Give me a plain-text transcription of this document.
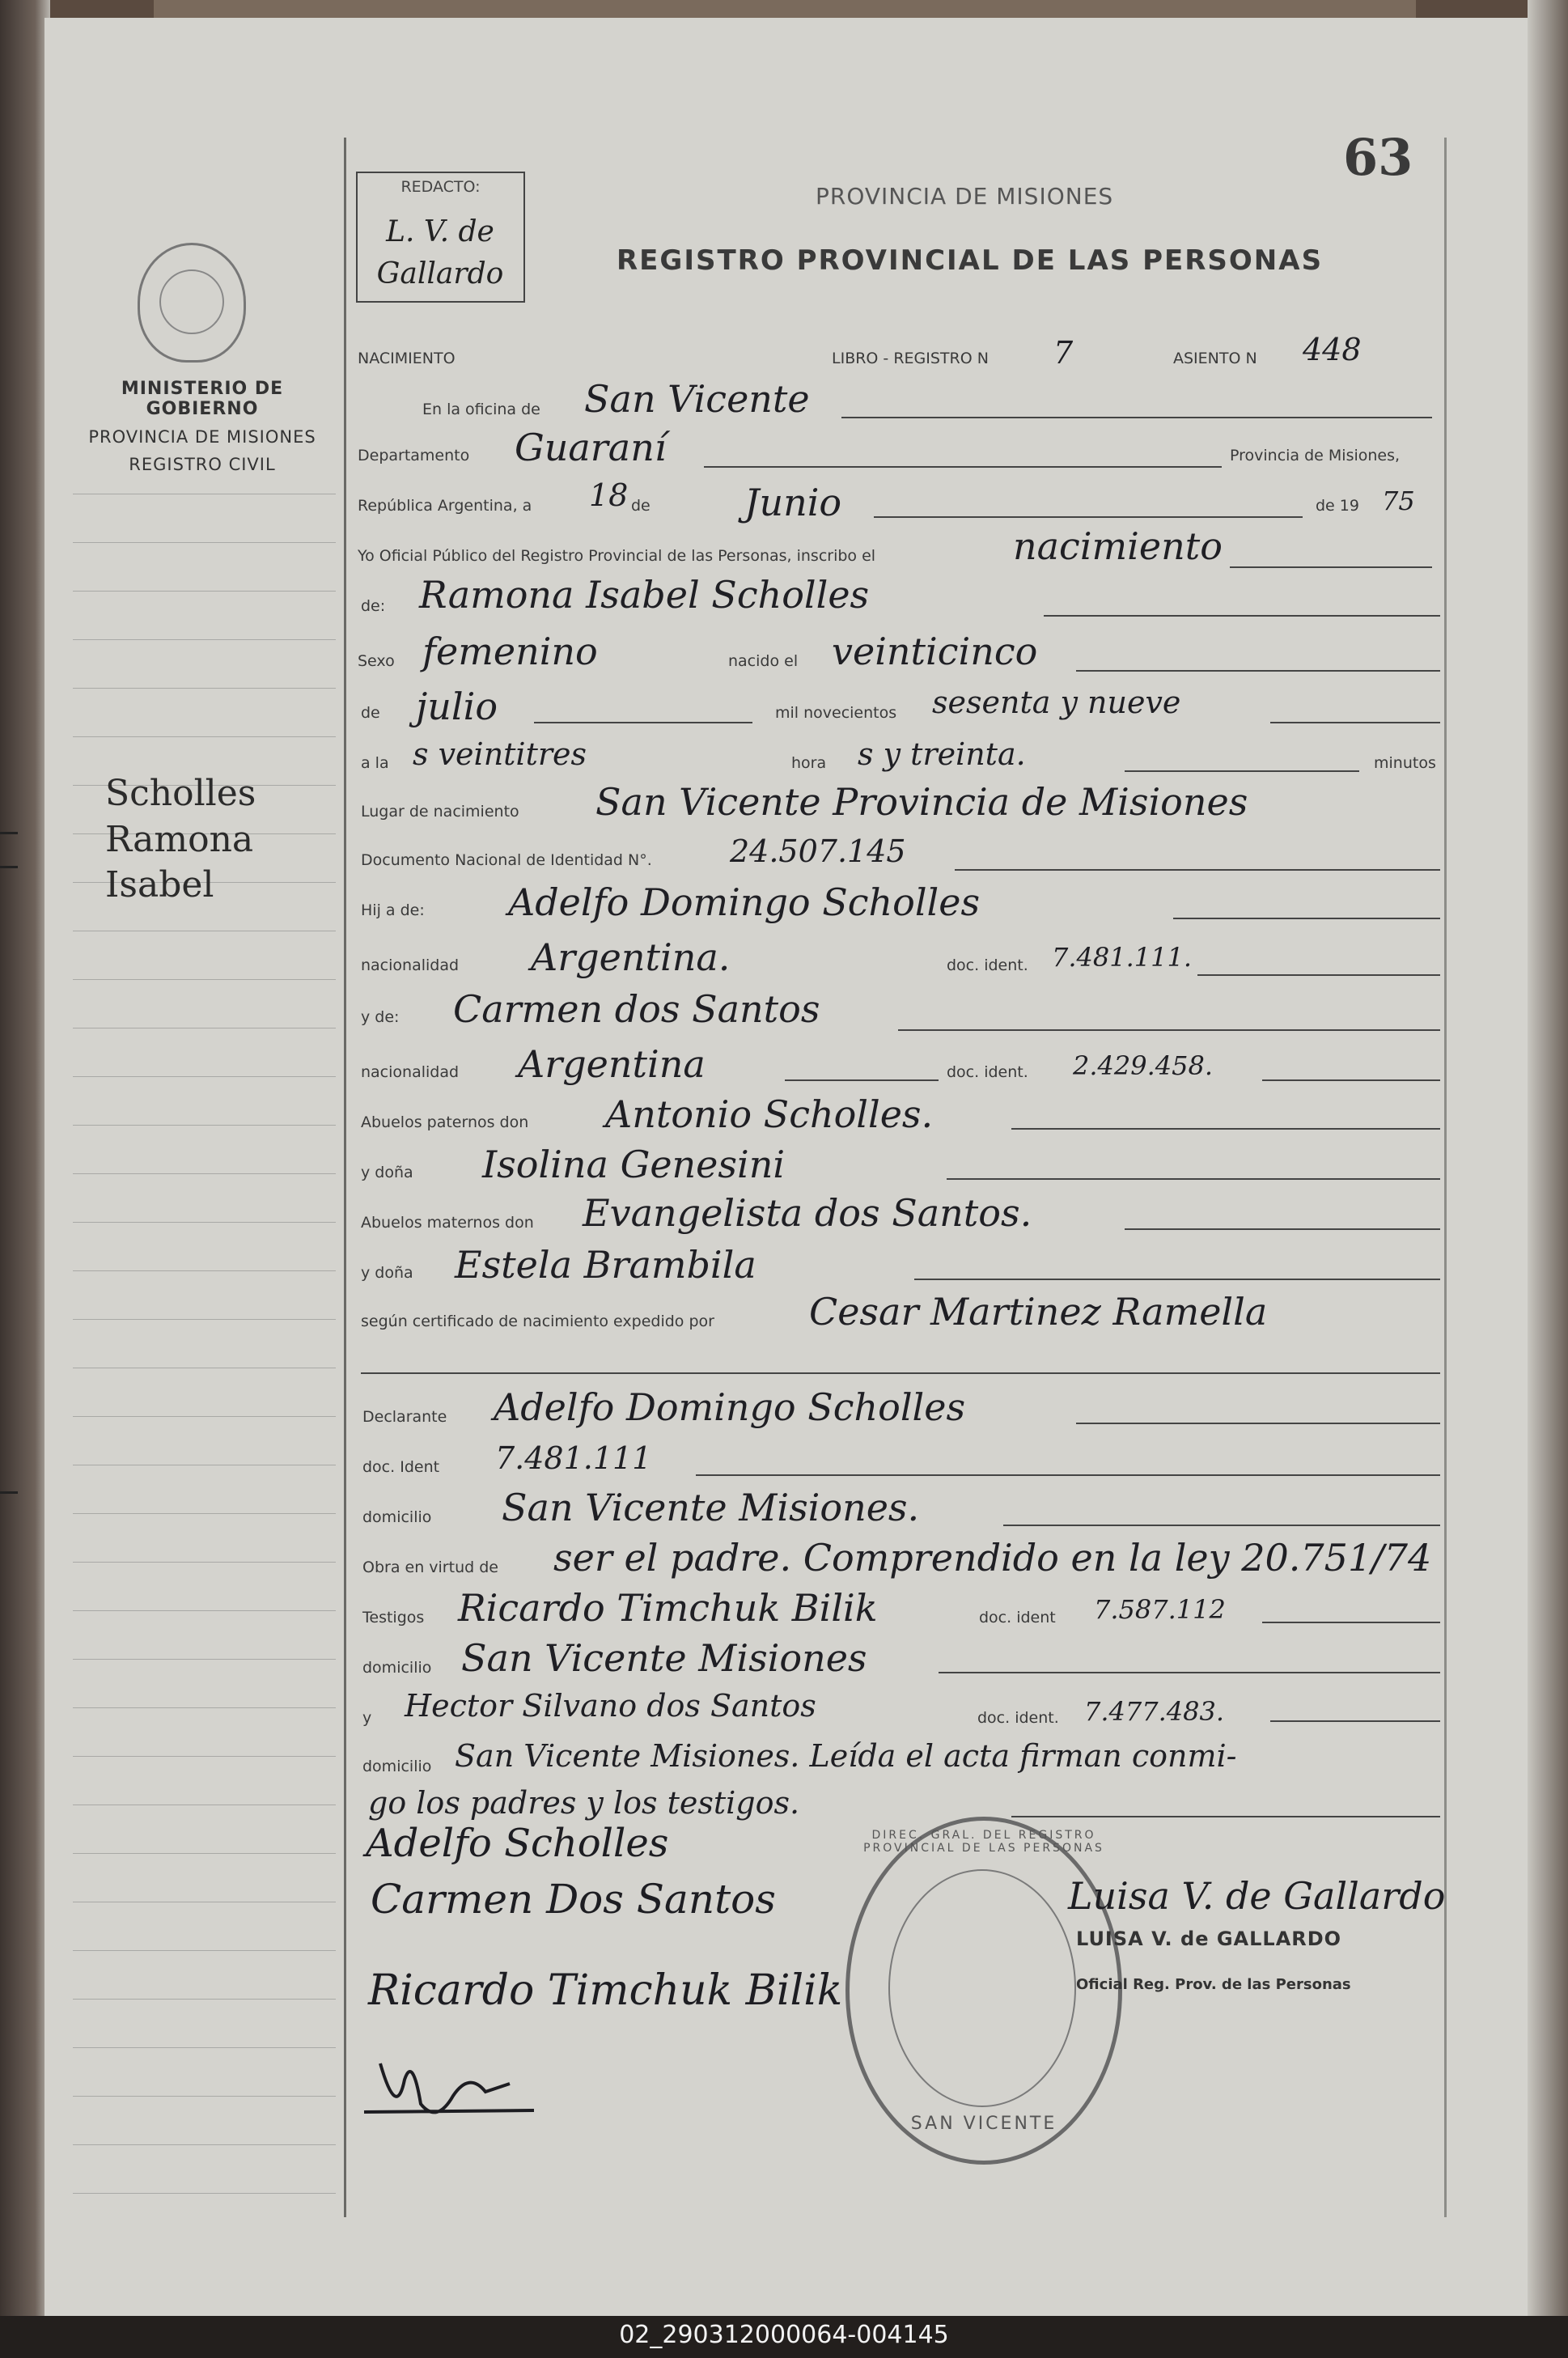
63
REDACTO:
L. V. de
Gallardo
PROVINCIA DE MISIONES
REGISTRO PROVINCIAL DE LAS PERSONAS
MINISTERIO DE GOBIERNO
PROVINCIA DE MISIONES
REGISTRO CIVIL
Scholles
Ramona
Isabel
NACIMIENTO	LIBRO - REGISTRO N 7	ASIENTO N 448
En la oficina de San Vicente
Departamento Guaraní	Provincia de Misiones,
República Argentina, a 18 de	Junio	de 19 75
Yo Oficial Público del Registro Provincial de las Personas, inscribo el	nacimiento
de: Ramona Isabel Scholles
Sexo femenino	nacido el veinticinco
de julio	mil novecientos sesenta y nueve
a la s veintitres	hora s y treinta.	minutos
Lugar de nacimiento San Vicente Provincia de Misiones
Documento Nacional de Identidad N°.	24.507.145
Hij a de: Adelfo Domingo Scholles
nacionalidad Argentina.	doc. ident. 7.481.111.
y de: Carmen dos Santos
nacionalidad Argentina	doc. ident. 2.429.458.
Abuelos paternos don Antonio Scholles.
y doña Isolina Genesini
Abuelos maternos don Evangelista dos Santos.
y doña Estela Brambila
según certificado de nacimiento expedido por	Cesar Martinez Ramella
Declarante Adelfo Domingo Scholles
doc. Ident 7.481.111
domicilio San Vicente Misiones.
Obra en virtud de ser el padre. Comprendido en la ley 20.751/74
Testigos Ricardo Timchuk Bilik	doc. ident 7.587.112
domicilio San Vicente Misiones
y Hector Silvano dos Santos	doc. ident. 7.477.483.
domicilio San Vicente Misiones. Leída el acta firman conmi-
go los padres y los testigos.
DIREC. GRAL. DEL REGISTRO PROVINCIAL DE LAS PERSONAS
SAN VICENTE
Adelfo Scholles
Carmen Dos Santos
Ricardo Timchuk Bilik
Luisa V. de Gallardo
LUISA V. de GALLARDO
Oficial Reg. Prov. de las Personas
02_290312000064-004145
